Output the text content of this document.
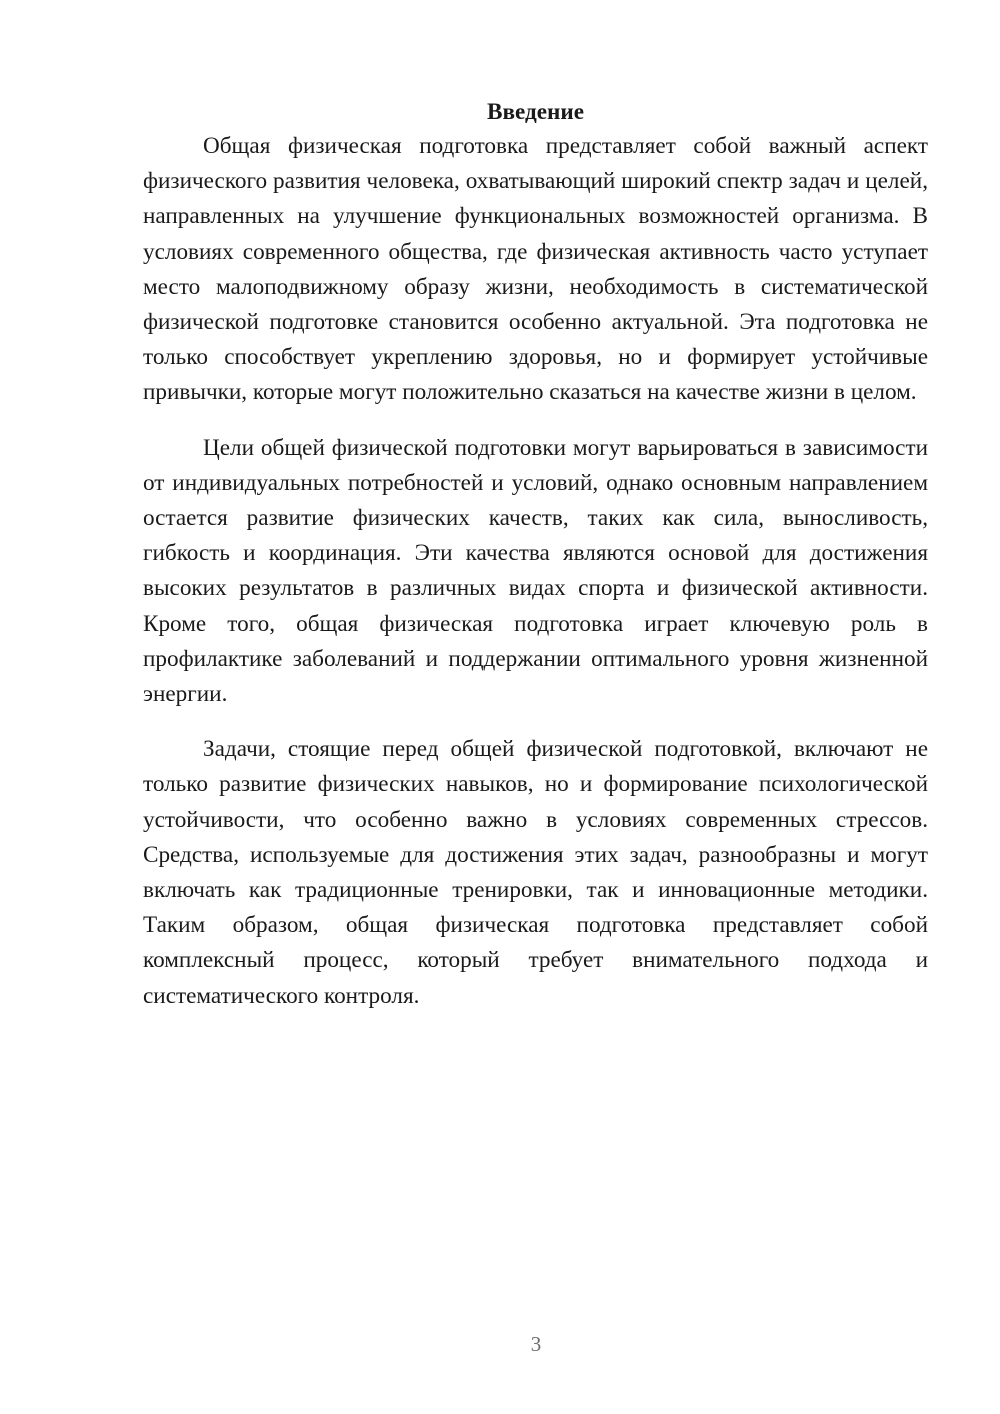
Введение

Общая физическая подготовка представляет собой важный аспект физического развития человека, охватывающий широкий спектр задач и целей, направленных на улучшение функциональных возможностей организма. В условиях современного общества, где физическая активность часто уступает место малоподвижному образу жизни, необходимость в систематической физической подготовке становится особенно актуальной. Эта подготовка не только способствует укреплению здоровья, но и формирует устойчивые привычки, которые могут положительно сказаться на качестве жизни в целом.

Цели общей физической подготовки могут варьироваться в зависимости от индивидуальных потребностей и условий, однако основным направлением остается развитие физических качеств, таких как сила, выносливость, гибкость и координация. Эти качества являются основой для достижения высоких результатов в различных видах спорта и физической активности. Кроме того, общая физическая подготовка играет ключевую роль в профилактике заболеваний и поддержании оптимального уровня жизненной энергии.

Задачи, стоящие перед общей физической подготовкой, включают не только развитие физических навыков, но и формирование психологической устойчивости, что особенно важно в условиях современных стрессов. Средства, используемые для достижения этих задач, разнообразны и могут включать как традиционные тренировки, так и инновационные методики. Таким образом, общая физическая подготовка представляет собой комплексный процесс, который требует внимательного подхода и систематического контроля.

3
